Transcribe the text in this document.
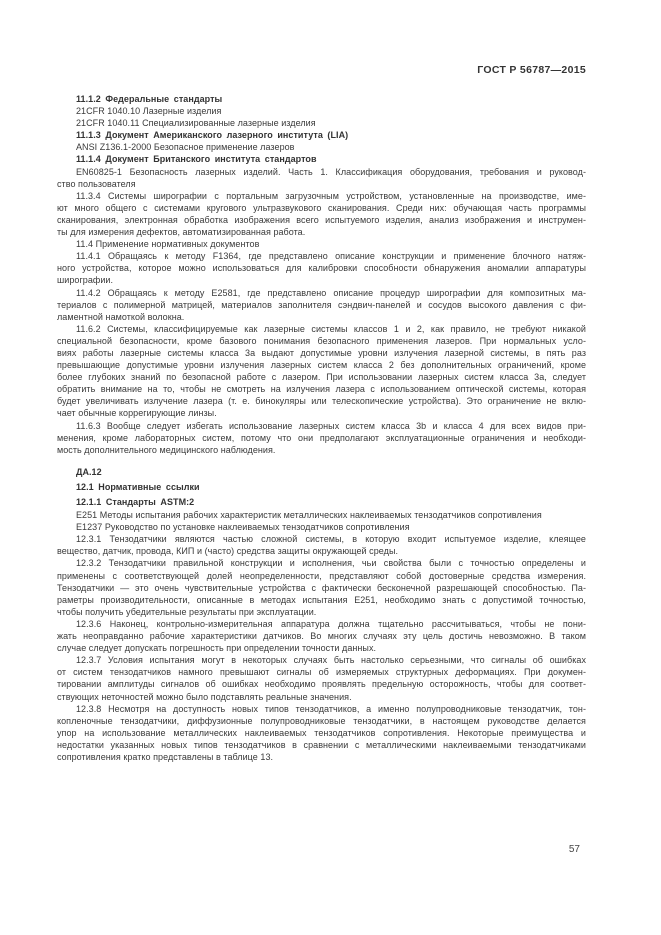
ГОСТ Р 56787—2015

11.1.2 Федеральные стандарты

21CFR 1040.10 Лазерные изделия

21CFR 1040.11 Специализированные лазерные изделия

11.1.3 Документ Американского лазерного института (LIA)

ANSI Z136.1-2000 Безопасное применение лазеров

11.1.4 Документ Британского института стандартов

EN60825-1 Безопасность лазерных изделий. Часть 1. Классификация оборудования, требования и руковод-
ство пользователя

11.3.4 Системы ширографии с портальным загрузочным устройством, установленные на производстве, име-
ют много общего с системами кругового ультразвукового сканирования. Среди них: обучающая часть программы
сканирования, электронная обработка изображения всего испытуемого изделия, анализ изображения и инструмен-
ты для измерения дефектов, автоматизированная работа.

11.4 Применение нормативных документов

11.4.1 Обращаясь к методу F1364, где представлено описание конструкции и применение блочного натяж-
ного устройства, которое можно использоваться для калибровки способности обнаружения аномалии аппаратуры
ширографии.

11.4.2 Обращаясь к методу E2581, где представлено описание процедур ширографии для композитных ма-
териалов с полимерной матрицей, материалов заполнителя сэндвич-панелей и сосудов высокого давления с фи-
ламентной намоткой волокна.

11.6.2 Системы, классифицируемые как лазерные системы классов 1 и 2, как правило, не требуют никакой
специальной безопасности, кроме базового понимания безопасного применения лазеров. При нормальных усло-
виях работы лазерные системы класса 3а выдают допустимые уровни излучения лазерной системы, в пять раз
превышающие допустимые уровни излучения лазерных систем класса 2 без дополнительных ограничений, кроме
более глубоких знаний по безопасной работе с лазером. При использовании лазерных систем класса 3а, следует
обратить внимание на то, чтобы не смотреть на излучения лазера с использованием оптической системы, которая
будет увеличивать излучение лазера (т. е. бинокуляры или телескопические устройства). Это ограничение не вклю-
чает обычные коррегирующие линзы.

11.6.3 Вообще следует избегать использование лазерных систем класса 3b и класса 4 для всех видов при-
менения, кроме лабораторных систем, потому что они предполагают эксплуатационные ограничения и необходи-
мость дополнительного медицинского наблюдения.

ДА.12

12.1 Нормативные ссылки

12.1.1 Стандарты ASTM:2

E251 Методы испытания рабочих характеристик металлических наклеиваемых тензодатчиков сопротивления

E1237 Руководство по установке наклеиваемых тензодатчиков сопротивления

12.3.1 Тензодатчики являются частью сложной системы, в которую входит испытуемое изделие, клеящее
вещество, датчик, провода, КИП и (часто) средства защиты окружающей среды.

12.3.2 Тензодатчики правильной конструкции и исполнения, чьи свойства были с точностью определены и
применены с соответствующей долей неопределенности, представляют собой достоверные средства измерения.
Тензодатчики — это очень чувствительные устройства с фактически бесконечной разрешающей способностью. Па-
раметры производительности, описанные в методах испытания E251, необходимо знать с допустимой точностью,
чтобы получить убедительные результаты при эксплуатации.

12.3.6 Наконец, контрольно-измерительная аппаратура должна тщательно рассчитываться, чтобы не пони-
жать неоправданно рабочие характеристики датчиков. Во многих случаях эту цель достичь невозможно. В таком
случае следует допускать погрешность при определении точности данных.

12.3.7 Условия испытания могут в некоторых случаях быть настолько серьезными, что сигналы об ошибках
от систем тензодатчиков намного превышают сигналы об измеряемых структурных деформациях. При докумен-
тировании амплитуды сигналов об ошибках необходимо проявлять предельную осторожность, чтобы для соответ-
ствующих неточностей можно было подставлять реальные значения.

12.3.8 Несмотря на доступность новых типов тензодатчиков, а именно полупроводниковые тензодатчик, тон-
копленочные тензодатчики, диффузионные полупроводниковые тензодатчики, в настоящем руководстве делается
упор на использование металлических наклеиваемых тензодатчиков сопротивления. Некоторые преимущества и
недостатки указанных новых типов тензодатчиков в сравнении с металлическими наклеиваемыми тензодатчиками
сопротивления кратко представлены в таблице 13.

57
